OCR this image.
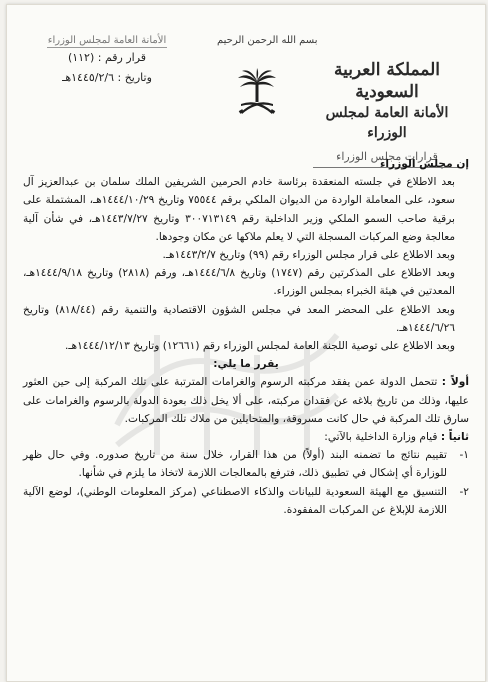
المملكة العربية السعودية
الأمانة العامة لمجلس الوزراء
قرارات مجلس الوزراء
بسم الله الرحمن الرحيم
الأمانة العامة لمجلس الوزراء
قرار رقم : (١١٢)
وتاريخ : ١٤٤٥/٢/٦هـ

إن مجلس الوزراء

بعد الاطلاع في جلسته المنعقدة برئاسة خادم الحرمين الشريفين الملك سلمان بن عبدالعزيز آل سعود، على المعاملة الواردة من الديوان الملكي برقم ٧٥٥٤٤ وتاريخ ١٤٤٤/١٠/٢٩هـ، المشتملة على برقية صاحب السمو الملكي وزير الداخلية رقم ٣٠٠٧١٣١٤٩ وتاريخ ١٤٤٣/٧/٢٧هـ، في شأن آلية معالجة وضع المركبات المسجلة التي لا يعلم ملاكها عن مكان وجودها.

وبعد الاطلاع على قرار مجلس الوزراء رقم (٩٩) وتاريخ ١٤٤٣/٢/٧هـ.

وبعد الاطلاع على المذكرتين رقم (١٧٤٧) وتاريخ ١٤٤٤/٦/٨هـ، ورقم (٢٨١٨) وتاريخ ١٤٤٤/٩/١٨هـ، المعدتين في هيئة الخبراء بمجلس الوزراء.

وبعد الاطلاع على المحضر المعد في مجلس الشؤون الاقتصادية والتنمية رقم (٨١٨/٤٤) وتاريخ ١٤٤٤/٦/٢٦هـ.

وبعد الاطلاع على توصية اللجنة العامة لمجلس الوزراء رقم (١٢٦٦١) وتاريخ ١٤٤٤/١٢/١٣هـ.

يقرر ما يلي:

أولاً : تتحمل الدولة عمن يفقد مركبته الرسوم والغرامات المترتبة على تلك المركبة إلى حين العثور عليها، وذلك من تاريخ بلاغه عن فقدان مركبته، على ألا يخل ذلك بعودة الدولة بالرسوم والغرامات على سارق تلك المركبة في حال كانت مسروقة، والمتحايلين من ملاك تلك المركبات.

ثانياً : قيام وزارة الداخلية بالآتي:

١-
تقييم نتائج ما تضمنه البند (أولاً) من هذا القرار، خلال سنة من تاريخ صدوره. وفي حال ظهر للوزارة أي إشكال في تطبيق ذلك، فترفع بالمعالجات اللازمة لاتخاذ ما يلزم في شأنها.
٢-
التنسيق مع الهيئة السعودية للبيانات والذكاء الاصطناعي (مركز المعلومات الوطني)، لوضع الآلية اللازمة للإبلاغ عن المركبات المفقودة.
